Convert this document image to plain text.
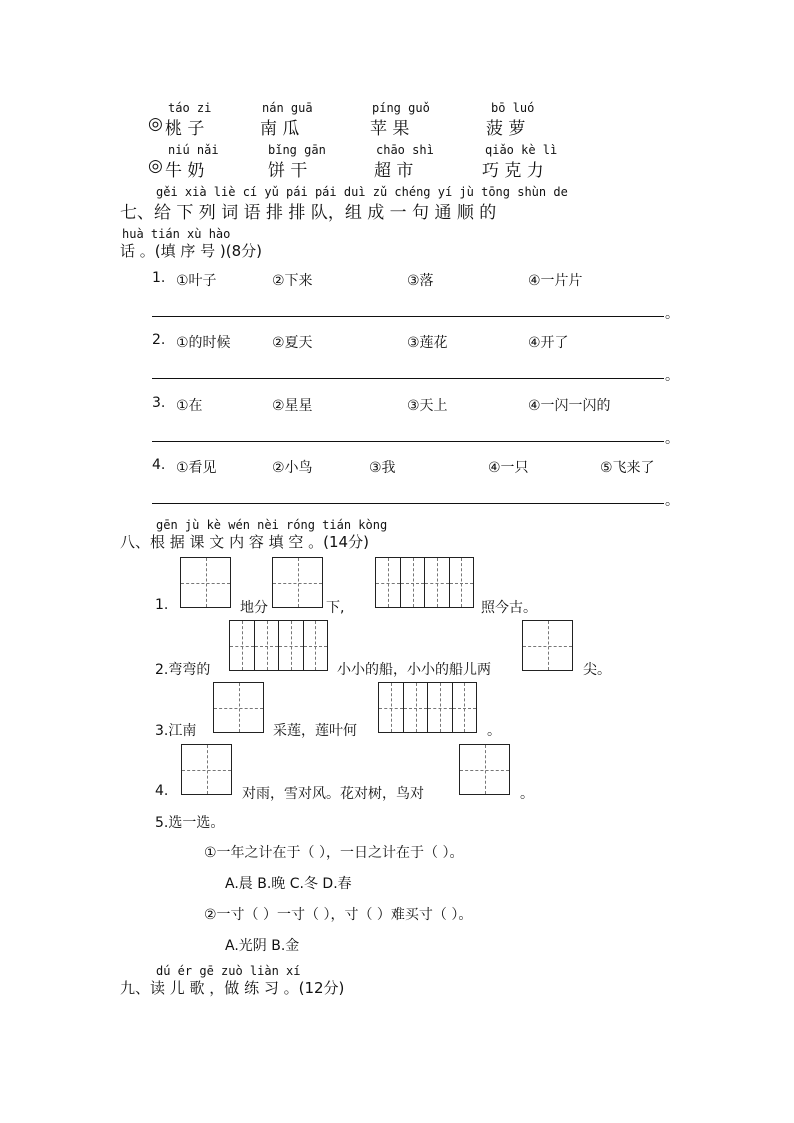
táo zi	nán guā	píng guǒ	bō luó
◎ 桃 子	南 瓜	苹 果	菠 萝
niú nǎi	bǐng gān	chāo shì	qiǎo kè lì
◎ 牛 奶	饼 干	超 市	巧 克 力
gěi xià liè cí yǔ pái pái duì zǔ chéng yí jù tōng shùn de
七、给 下 列 词 语 排 排 队，组 成 一 句 通 顺 的
huà tián xù hào
话 。(填 序 号 )(8分)
1. ①叶子	②下来	③落	④一片片
。
2. ①的时候	②夏天	③莲花	④开了
。
3. ①在	②星星	③天上	④一闪一闪的
。
4. ①看见	②小鸟	③我	④一只	⑤飞来了
。
gēn jù kè wén nèi róng tián kòng
八、根 据 课 文 内 容 填 空 。(14分)
1.	地分	下,	照今古。
2.弯弯的	小小的船，小小的船儿两	尖。
3.江南	采莲，莲叶何	。
4.	对雨，雪对风。花对树，鸟对	。
5.选一选。
①一年之计在于（ ），一日之计在于（ ）。
A.晨 B.晚 C.冬 D.春
②一寸（ ）一寸（ ），寸（ ）难买寸（ ）。
A.光阴 B.金
dú ér gē zuò liàn xí
九、读 儿 歌 ，做 练 习 。(12分)
